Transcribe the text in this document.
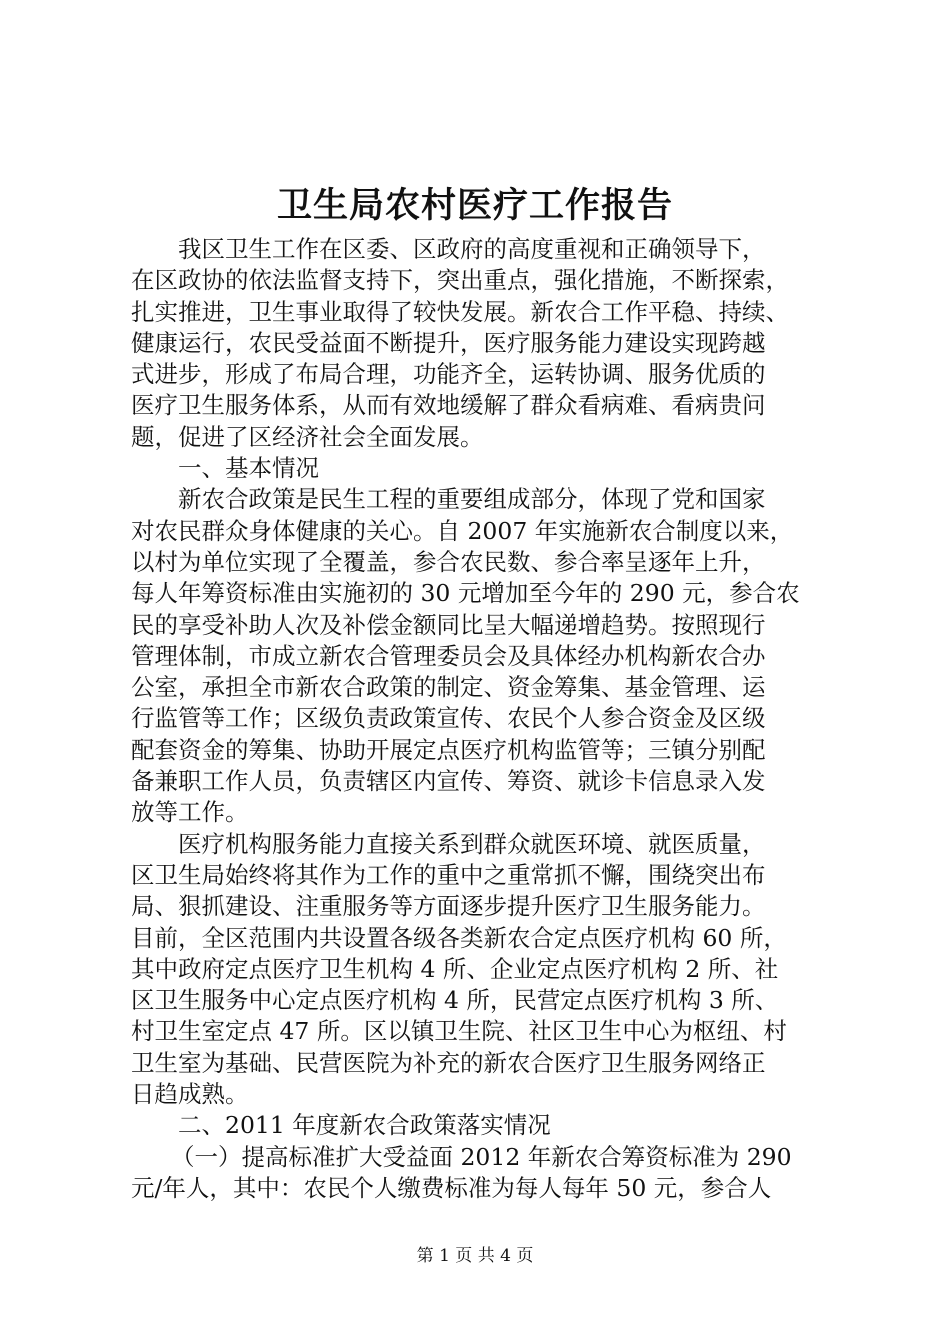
卫生局农村医疗工作报告
我区卫生工作在区委、区政府的高度重视和正确领导下，
在区政协的依法监督支持下，突出重点，强化措施，不断探索，
扎实推进，卫生事业取得了较快发展。新农合工作平稳、持续、
健康运行，农民受益面不断提升，医疗服务能力建设实现跨越
式进步，形成了布局合理，功能齐全，运转协调、服务优质的
医疗卫生服务体系，从而有效地缓解了群众看病难、看病贵问
题，促进了区经济社会全面发展。
一、基本情况
新农合政策是民生工程的重要组成部分，体现了党和国家
对农民群众身体健康的关心。自 2007 年实施新农合制度以来，
以村为单位实现了全覆盖，参合农民数、参合率呈逐年上升，
每人年筹资标准由实施初的 30 元增加至今年的 290 元，参合农
民的享受补助人次及补偿金额同比呈大幅递增趋势。按照现行
管理体制，市成立新农合管理委员会及具体经办机构新农合办
公室，承担全市新农合政策的制定、资金筹集、基金管理、运
行监管等工作；区级负责政策宣传、农民个人参合资金及区级
配套资金的筹集、协助开展定点医疗机构监管等；三镇分别配
备兼职工作人员，负责辖区内宣传、筹资、就诊卡信息录入发
放等工作。
医疗机构服务能力直接关系到群众就医环境、就医质量，
区卫生局始终将其作为工作的重中之重常抓不懈，围绕突出布
局、狠抓建设、注重服务等方面逐步提升医疗卫生服务能力。
目前，全区范围内共设置各级各类新农合定点医疗机构 60 所，
其中政府定点医疗卫生机构 4 所、企业定点医疗机构 2 所、社
区卫生服务中心定点医疗机构 4 所，民营定点医疗机构 3 所、
村卫生室定点 47 所。区以镇卫生院、社区卫生中心为枢纽、村
卫生室为基础、民营医院为补充的新农合医疗卫生服务网络正
日趋成熟。
二、2011 年度新农合政策落实情况
（一）提高标准扩大受益面 2012 年新农合筹资标准为 290
元/年人，其中：农民个人缴费标准为每人每年 50 元，参合人
第 1 页 共 4 页
